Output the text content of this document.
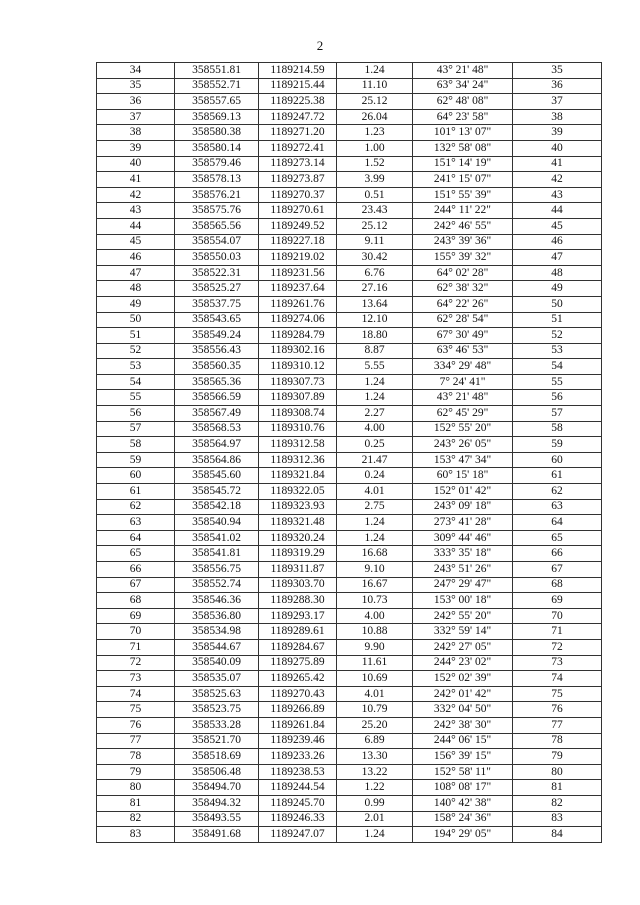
2
34	358551.81	1189214.59	1.24	43° 21' 48"	35
35	358552.71	1189215.44	11.10	63° 34' 24"	36
36	358557.65	1189225.38	25.12	62° 48' 08"	37
37	358569.13	1189247.72	26.04	64° 23' 58"	38
38	358580.38	1189271.20	1.23	101° 13' 07"	39
39	358580.14	1189272.41	1.00	132° 58' 08"	40
40	358579.46	1189273.14	1.52	151° 14' 19"	41
41	358578.13	1189273.87	3.99	241° 15' 07"	42
42	358576.21	1189270.37	0.51	151° 55' 39"	43
43	358575.76	1189270.61	23.43	244° 11' 22"	44
44	358565.56	1189249.52	25.12	242° 46' 55"	45
45	358554.07	1189227.18	9.11	243° 39' 36"	46
46	358550.03	1189219.02	30.42	155° 39' 32"	47
47	358522.31	1189231.56	6.76	64° 02' 28"	48
48	358525.27	1189237.64	27.16	62° 38' 32"	49
49	358537.75	1189261.76	13.64	64° 22' 26"	50
50	358543.65	1189274.06	12.10	62° 28' 54"	51
51	358549.24	1189284.79	18.80	67° 30' 49"	52
52	358556.43	1189302.16	8.87	63° 46' 53"	53
53	358560.35	1189310.12	5.55	334° 29' 48"	54
54	358565.36	1189307.73	1.24	7° 24' 41"	55
55	358566.59	1189307.89	1.24	43° 21' 48"	56
56	358567.49	1189308.74	2.27	62° 45' 29"	57
57	358568.53	1189310.76	4.00	152° 55' 20"	58
58	358564.97	1189312.58	0.25	243° 26' 05"	59
59	358564.86	1189312.36	21.47	153° 47' 34"	60
60	358545.60	1189321.84	0.24	60° 15' 18"	61
61	358545.72	1189322.05	4.01	152° 01' 42"	62
62	358542.18	1189323.93	2.75	243° 09' 18"	63
63	358540.94	1189321.48	1.24	273° 41' 28"	64
64	358541.02	1189320.24	1.24	309° 44' 46"	65
65	358541.81	1189319.29	16.68	333° 35' 18"	66
66	358556.75	1189311.87	9.10	243° 51' 26"	67
67	358552.74	1189303.70	16.67	247° 29' 47"	68
68	358546.36	1189288.30	10.73	153° 00' 18"	69
69	358536.80	1189293.17	4.00	242° 55' 20"	70
70	358534.98	1189289.61	10.88	332° 59' 14"	71
71	358544.67	1189284.67	9.90	242° 27' 05"	72
72	358540.09	1189275.89	11.61	244° 23' 02"	73
73	358535.07	1189265.42	10.69	152° 02' 39"	74
74	358525.63	1189270.43	4.01	242° 01' 42"	75
75	358523.75	1189266.89	10.79	332° 04' 50"	76
76	358533.28	1189261.84	25.20	242° 38' 30"	77
77	358521.70	1189239.46	6.89	244° 06' 15"	78
78	358518.69	1189233.26	13.30	156° 39' 15"	79
79	358506.48	1189238.53	13.22	152° 58' 11"	80
80	358494.70	1189244.54	1.22	108° 08' 17"	81
81	358494.32	1189245.70	0.99	140° 42' 38"	82
82	358493.55	1189246.33	2.01	158° 24' 36"	83
83	358491.68	1189247.07	1.24	194° 29' 05"	84
